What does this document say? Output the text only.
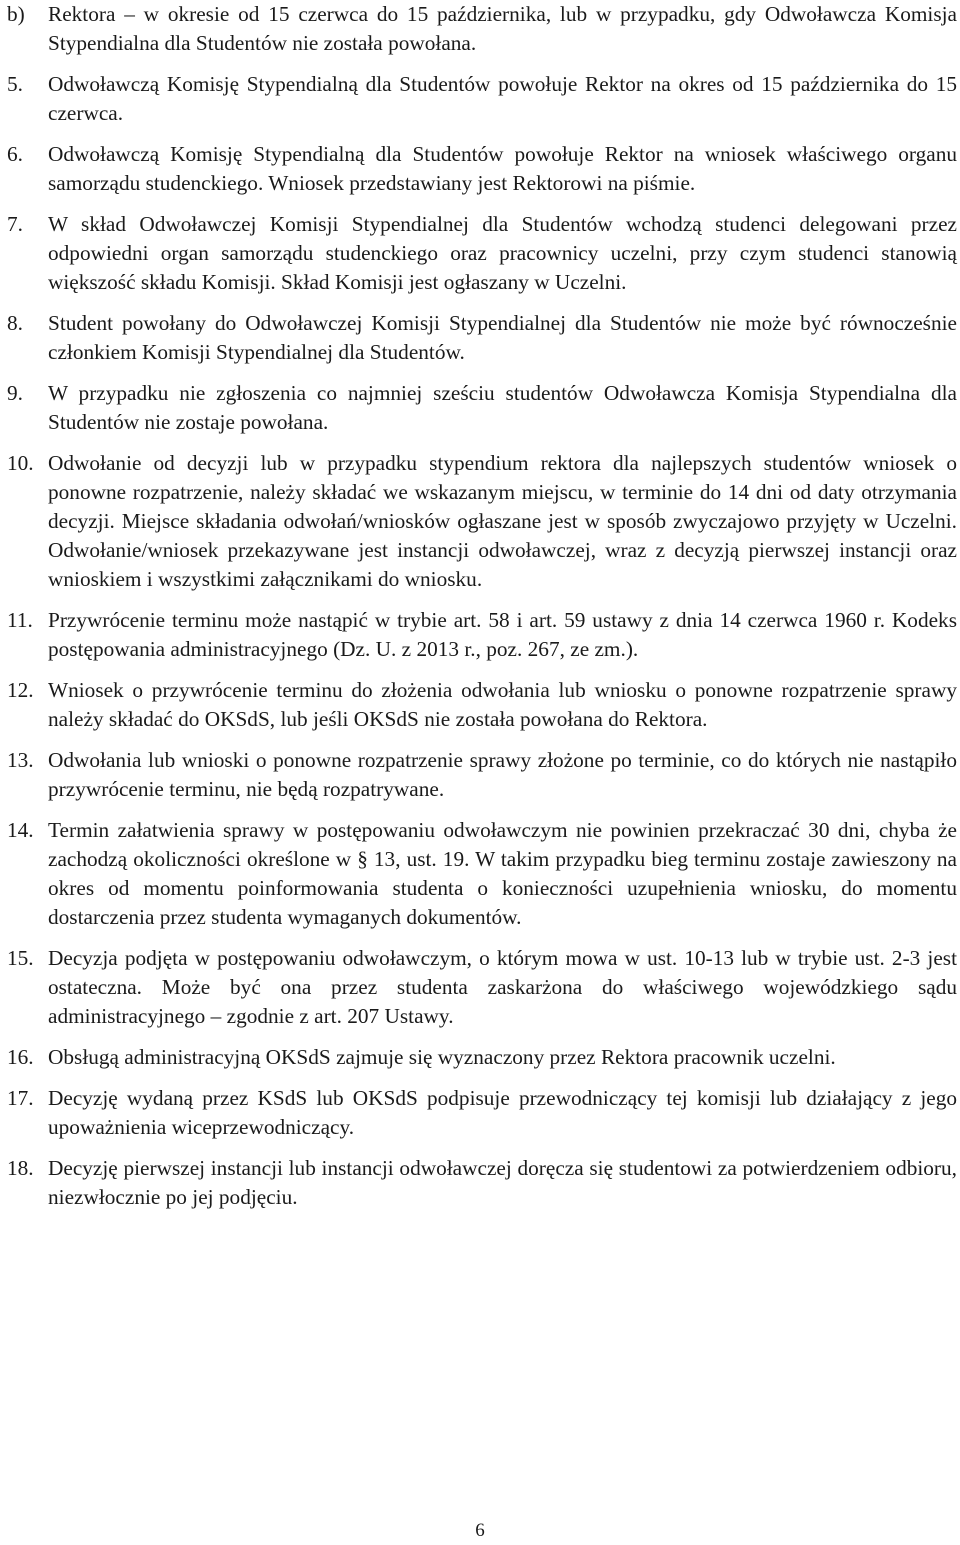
b)	Rektora – w okresie od 15 czerwca do 15 października, lub w przypadku, gdy Odwoławcza Komisja Stypendialna dla Studentów nie została powołana.
5.	Odwoławczą Komisję Stypendialną dla Studentów powołuje Rektor na okres od 15 października do 15 czerwca.
6.	Odwoławczą Komisję Stypendialną dla Studentów powołuje Rektor na wniosek właściwego organu samorządu studenckiego. Wniosek przedstawiany jest Rektorowi na piśmie.
7.	W skład Odwoławczej Komisji Stypendialnej dla Studentów wchodzą studenci delegowani przez odpowiedni organ samorządu studenckiego oraz pracownicy uczelni, przy czym studenci stanowią większość składu Komisji. Skład Komisji jest ogłaszany w Uczelni.
8.	Student powołany do Odwoławczej Komisji Stypendialnej dla Studentów nie może być równocześnie członkiem Komisji Stypendialnej dla Studentów.
9.	W przypadku nie zgłoszenia co najmniej sześciu studentów Odwoławcza Komisja Stypendialna dla Studentów nie zostaje powołana.
10. Odwołanie od decyzji lub w przypadku stypendium rektora dla najlepszych studentów wniosek o ponowne rozpatrzenie, należy składać we wskazanym miejscu, w terminie do 14 dni od daty otrzymania decyzji. Miejsce składania odwołań/wniosków ogłaszane jest w sposób zwyczajowo przyjęty w Uczelni. Odwołanie/wniosek przekazywane jest instancji odwoławczej, wraz z decyzją pierwszej instancji oraz wnioskiem i wszystkimi załącznikami do wniosku.
11. Przywrócenie terminu może nastąpić w trybie art. 58 i art. 59 ustawy z dnia 14 czerwca 1960 r. Kodeks postępowania administracyjnego (Dz. U. z 2013 r., poz. 267, ze zm.).
12. Wniosek o przywrócenie terminu do złożenia odwołania lub wniosku o ponowne rozpatrzenie sprawy należy składać do OKSdS, lub jeśli OKSdS nie została powołana do Rektora.
13. Odwołania lub wnioski o ponowne rozpatrzenie sprawy złożone po terminie, co do których nie nastąpiło przywrócenie terminu, nie będą rozpatrywane.
14. Termin załatwienia sprawy w postępowaniu odwoławczym nie powinien przekraczać 30 dni, chyba że zachodzą okoliczności określone w § 13, ust. 19. W takim przypadku bieg terminu zostaje zawieszony na okres od momentu poinformowania studenta o konieczności uzupełnienia wniosku, do momentu dostarczenia przez studenta wymaganych dokumentów.
15. Decyzja podjęta w postępowaniu odwoławczym, o którym mowa w ust. 10-13 lub w trybie ust. 2-3 jest ostateczna. Może być ona przez studenta zaskarżona do właściwego wojewódzkiego sądu administracyjnego – zgodnie z art. 207 Ustawy.
16. Obsługą administracyjną OKSdS zajmuje się wyznaczony przez Rektora pracownik uczelni.
17. Decyzję wydaną przez KSdS lub OKSdS podpisuje przewodniczący tej komisji lub działający z jego upoważnienia wiceprzewodniczący.
18. Decyzję pierwszej instancji lub instancji odwoławczej doręcza się studentowi za potwierdzeniem odbioru, niezwłocznie po jej podjęciu.
6
